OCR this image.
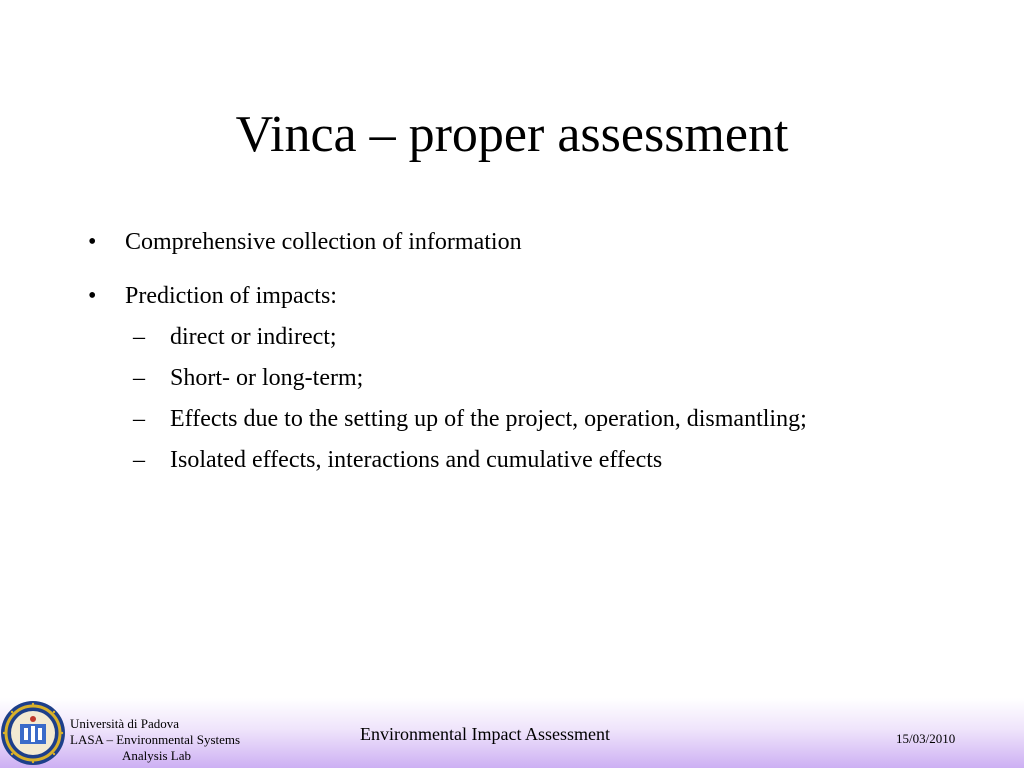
Vinca – proper assessment
• Comprehensive collection of information
• Prediction of impacts:
– direct or indirect;
– Short- or long-term;
– Effects due to the setting up of the project, operation, dismantling;
– Isolated effects, interactions and cumulative effects
Università di Padova
LASA – Environmental Systems

Analysis Lab
Environmental Impact Assessment	15/03/2010
